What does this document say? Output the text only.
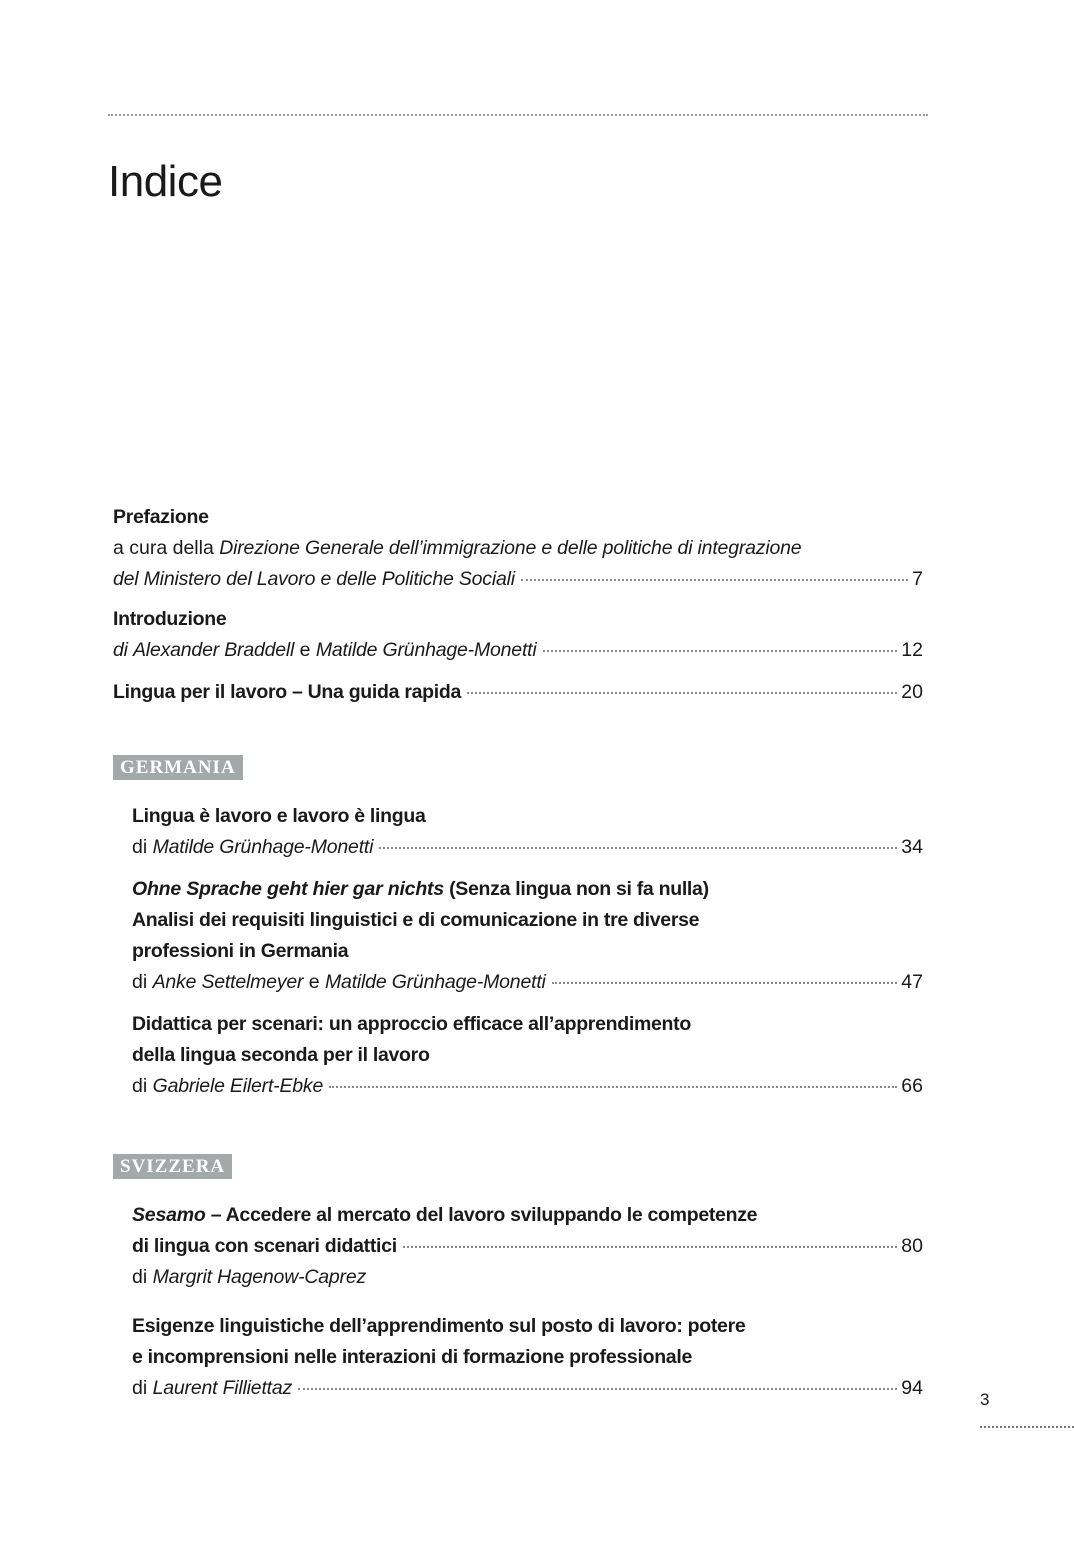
Indice
Prefazione
a cura della Direzione Generale dell’immigrazione e delle politiche di integrazione
del Ministero del Lavoro e delle Politiche Sociali	7
Introduzione
di Alexander Braddell e Matilde Grünhage-Monetti	12
Lingua per il lavoro – Una guida rapida	20
GERMANIA
Lingua è lavoro e lavoro è lingua
di Matilde Grünhage-Monetti	34
Ohne Sprache geht hier gar nichts (Senza lingua non si fa nulla)
Analisi dei requisiti linguistici e di comunicazione in tre diverse
professioni in Germania
di Anke Settelmeyer e Matilde Grünhage-Monetti	47
Didattica per scenari: un approccio efficace all’apprendimento
della lingua seconda per il lavoro
di Gabriele Eilert-Ebke	66
SVIZZERA
Sesamo – Accedere al mercato del lavoro sviluppando le competenze
di lingua con scenari didattici	80
di Margrit Hagenow-Caprez
Esigenze linguistiche dell’apprendimento sul posto di lavoro: potere
e incomprensioni nelle interazioni di formazione professionale
di Laurent Filliettaz	94
3
